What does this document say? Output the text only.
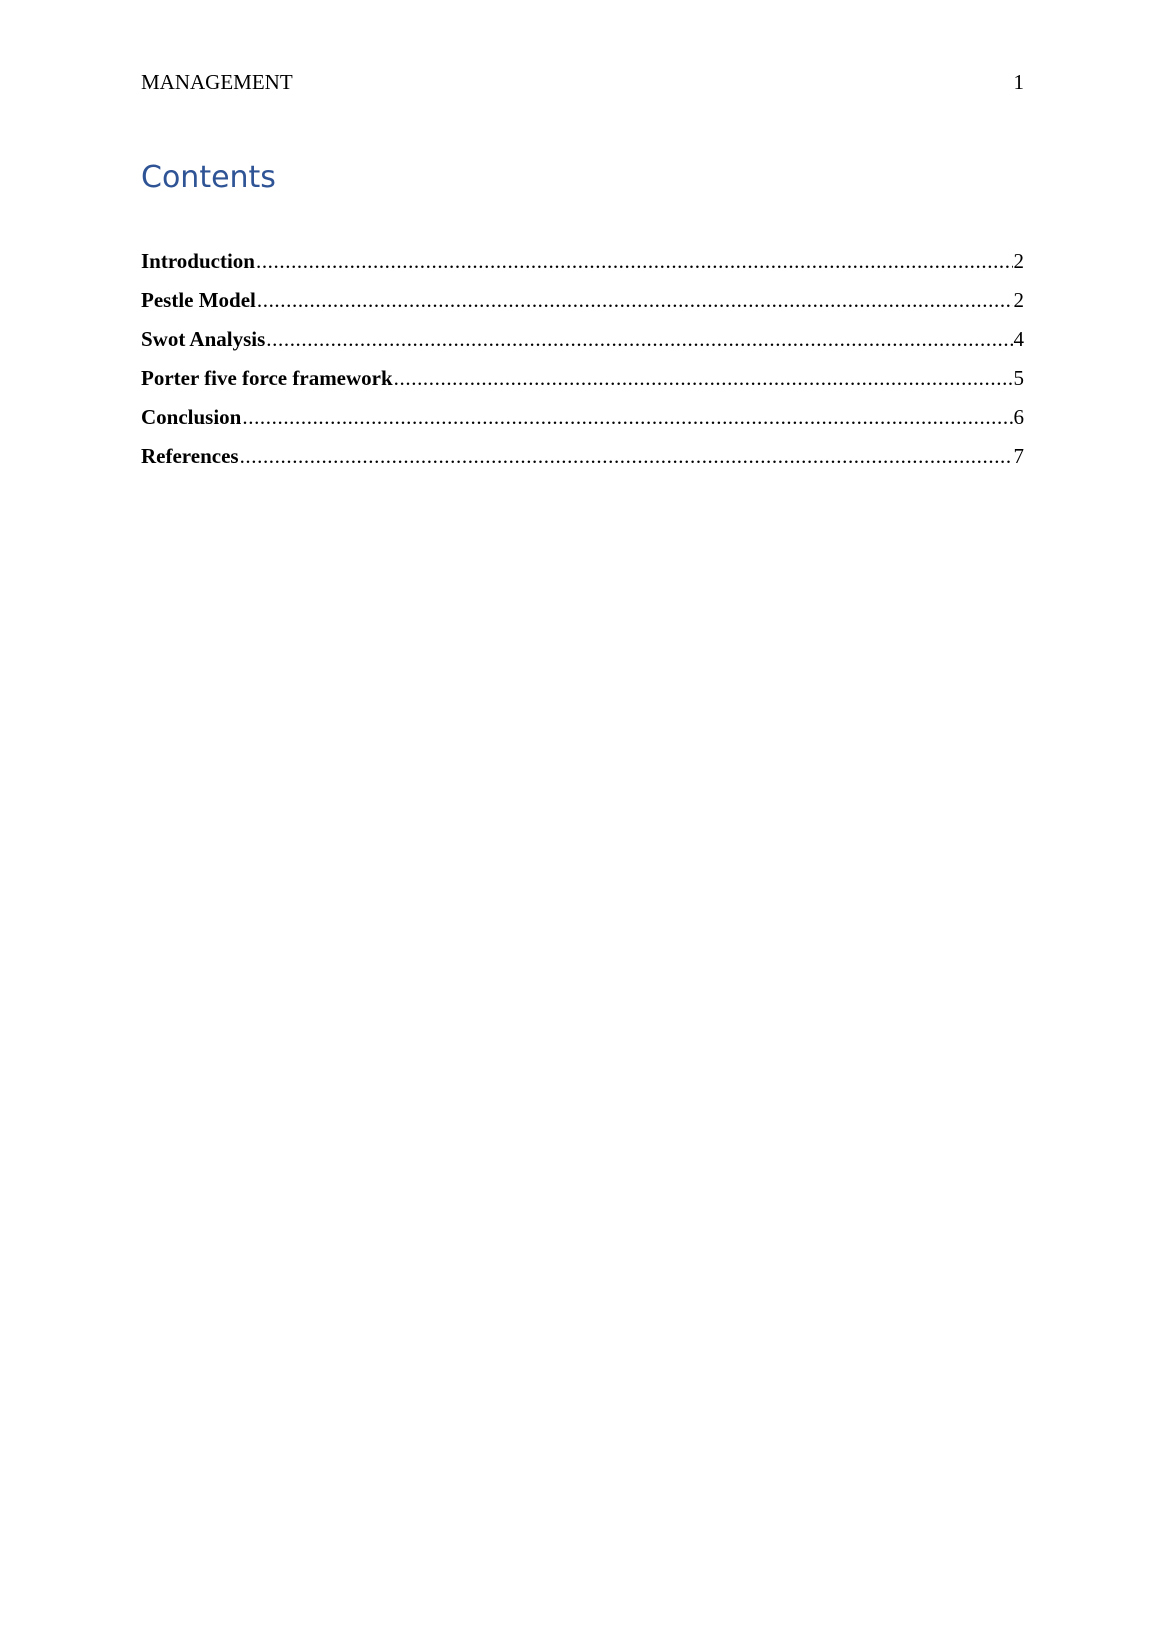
MANAGEMENT	1
Contents
Introduction .....	2
Pestle Model .....	2
Swot Analysis .....	4
Porter five force framework .....	5
Conclusion .....	6
References .....	7
